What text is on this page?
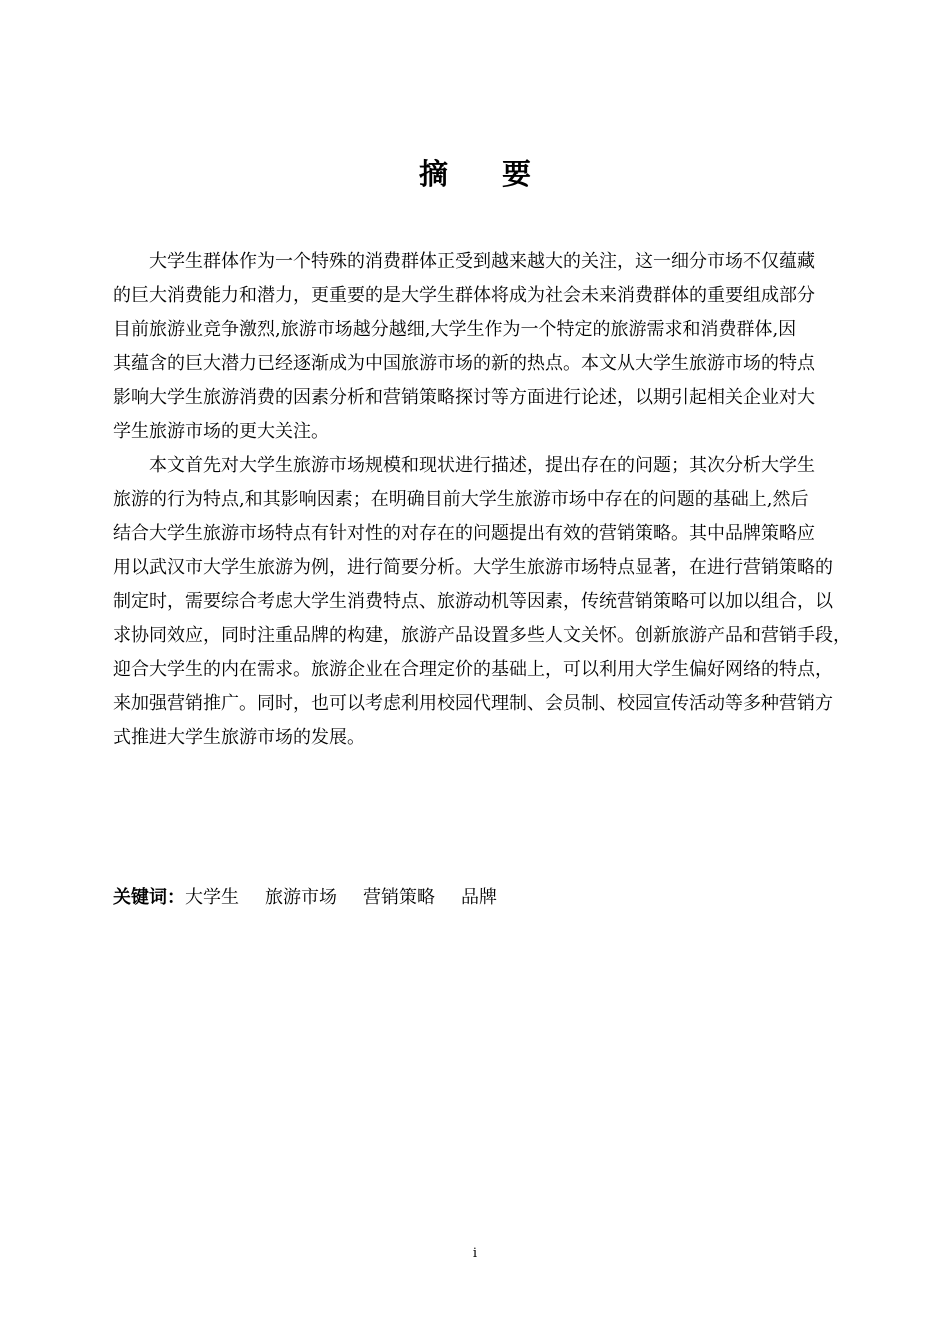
摘要
　　大学生群体作为一个特殊的消费群体正受到越来越大的关注，这一细分市场不仅蕴藏
的巨大消费能力和潜力，更重要的是大学生群体将成为社会未来消费群体的重要组成部分
目前旅游业竞争激烈,旅游市场越分越细,大学生作为一个特定的旅游需求和消费群体,因
其蕴含的巨大潜力已经逐渐成为中国旅游市场的新的热点。本文从大学生旅游市场的特点
影响大学生旅游消费的因素分析和营销策略探讨等方面进行论述，以期引起相关企业对大
学生旅游市场的更大关注。
　　本文首先对大学生旅游市场规模和现状进行描述，提出存在的问题；其次分析大学生
旅游的行为特点,和其影响因素；在明确目前大学生旅游市场中存在的问题的基础上,然后
结合大学生旅游市场特点有针对性的对存在的问题提出有效的营销策略。其中品牌策略应
用以武汉市大学生旅游为例，进行简要分析。大学生旅游市场特点显著，在进行营销策略的
制定时，需要综合考虑大学生消费特点、旅游动机等因素，传统营销策略可以加以组合，以
求协同效应，同时注重品牌的构建，旅游产品设置多些人文关怀。创新旅游产品和营销手段，
迎合大学生的内在需求。旅游企业在合理定价的基础上，可以利用大学生偏好网络的特点，
来加强营销推广。同时，也可以考虑利用校园代理制、会员制、校园宣传活动等多种营销方
式推进大学生旅游市场的发展。
关键词：大学生 旅游市场 营销策略 品牌
i
